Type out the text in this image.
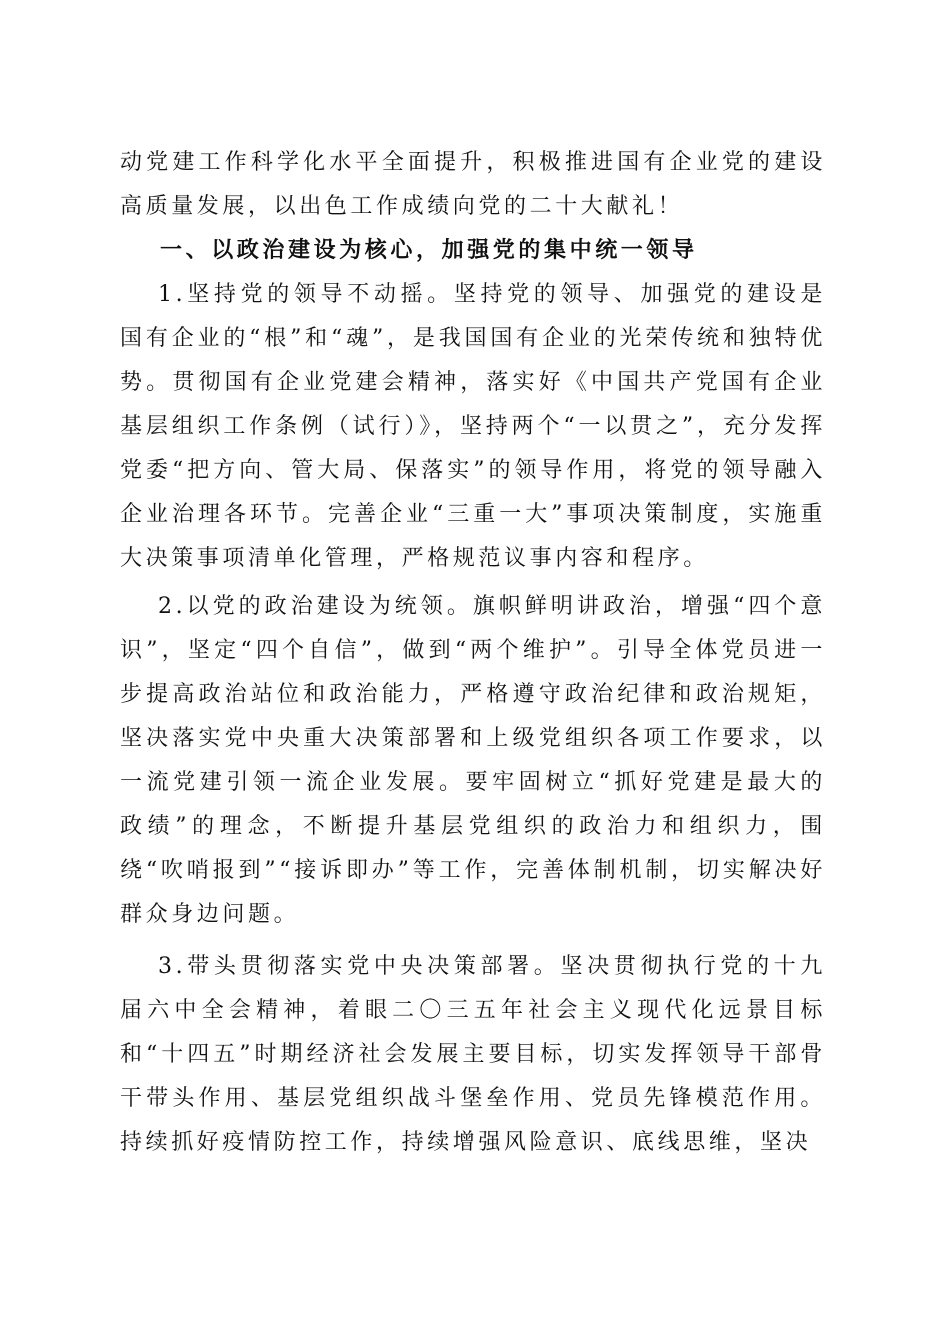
动党建工作科学化水平全面提升，积极推进国有企业党的建设高质量发展，以出色工作成绩向党的二十大献礼！

一、以政治建设为核心，加强党的集中统一领导

1.坚持党的领导不动摇。坚持党的领导、加强党的建设是国有企业的“根”和“魂”，是我国国有企业的光荣传统和独特优势。贯彻国有企业党建会精神，落实好《中国共产党国有企业基层组织工作条例（试行）》，坚持两个“一以贯之”，充分发挥党委“把方向、管大局、保落实”的领导作用，将党的领导融入企业治理各环节。完善企业“三重一大”事项决策制度，实施重大决策事项清单化管理，严格规范议事内容和程序。

2.以党的政治建设为统领。旗帜鲜明讲政治，增强“四个意识”，坚定“四个自信”，做到“两个维护”。引导全体党员进一步提高政治站位和政治能力，严格遵守政治纪律和政治规矩，坚决落实党中央重大决策部署和上级党组织各项工作要求，以一流党建引领一流企业发展。要牢固树立“抓好党建是最大的政绩”的理念，不断提升基层党组织的政治力和组织力，围绕“吹哨报到”“接诉即办”等工作，完善体制机制，切实解决好群众身边问题。

3.带头贯彻落实党中央决策部署。坚决贯彻执行党的十九届六中全会精神，着眼二〇三五年社会主义现代化远景目标和“十四五”时期经济社会发展主要目标，切实发挥领导干部骨干带头作用、基层党组织战斗堡垒作用、党员先锋模范作用。持续抓好疫情防控工作，持续增强风险意识、底线思维，坚决
